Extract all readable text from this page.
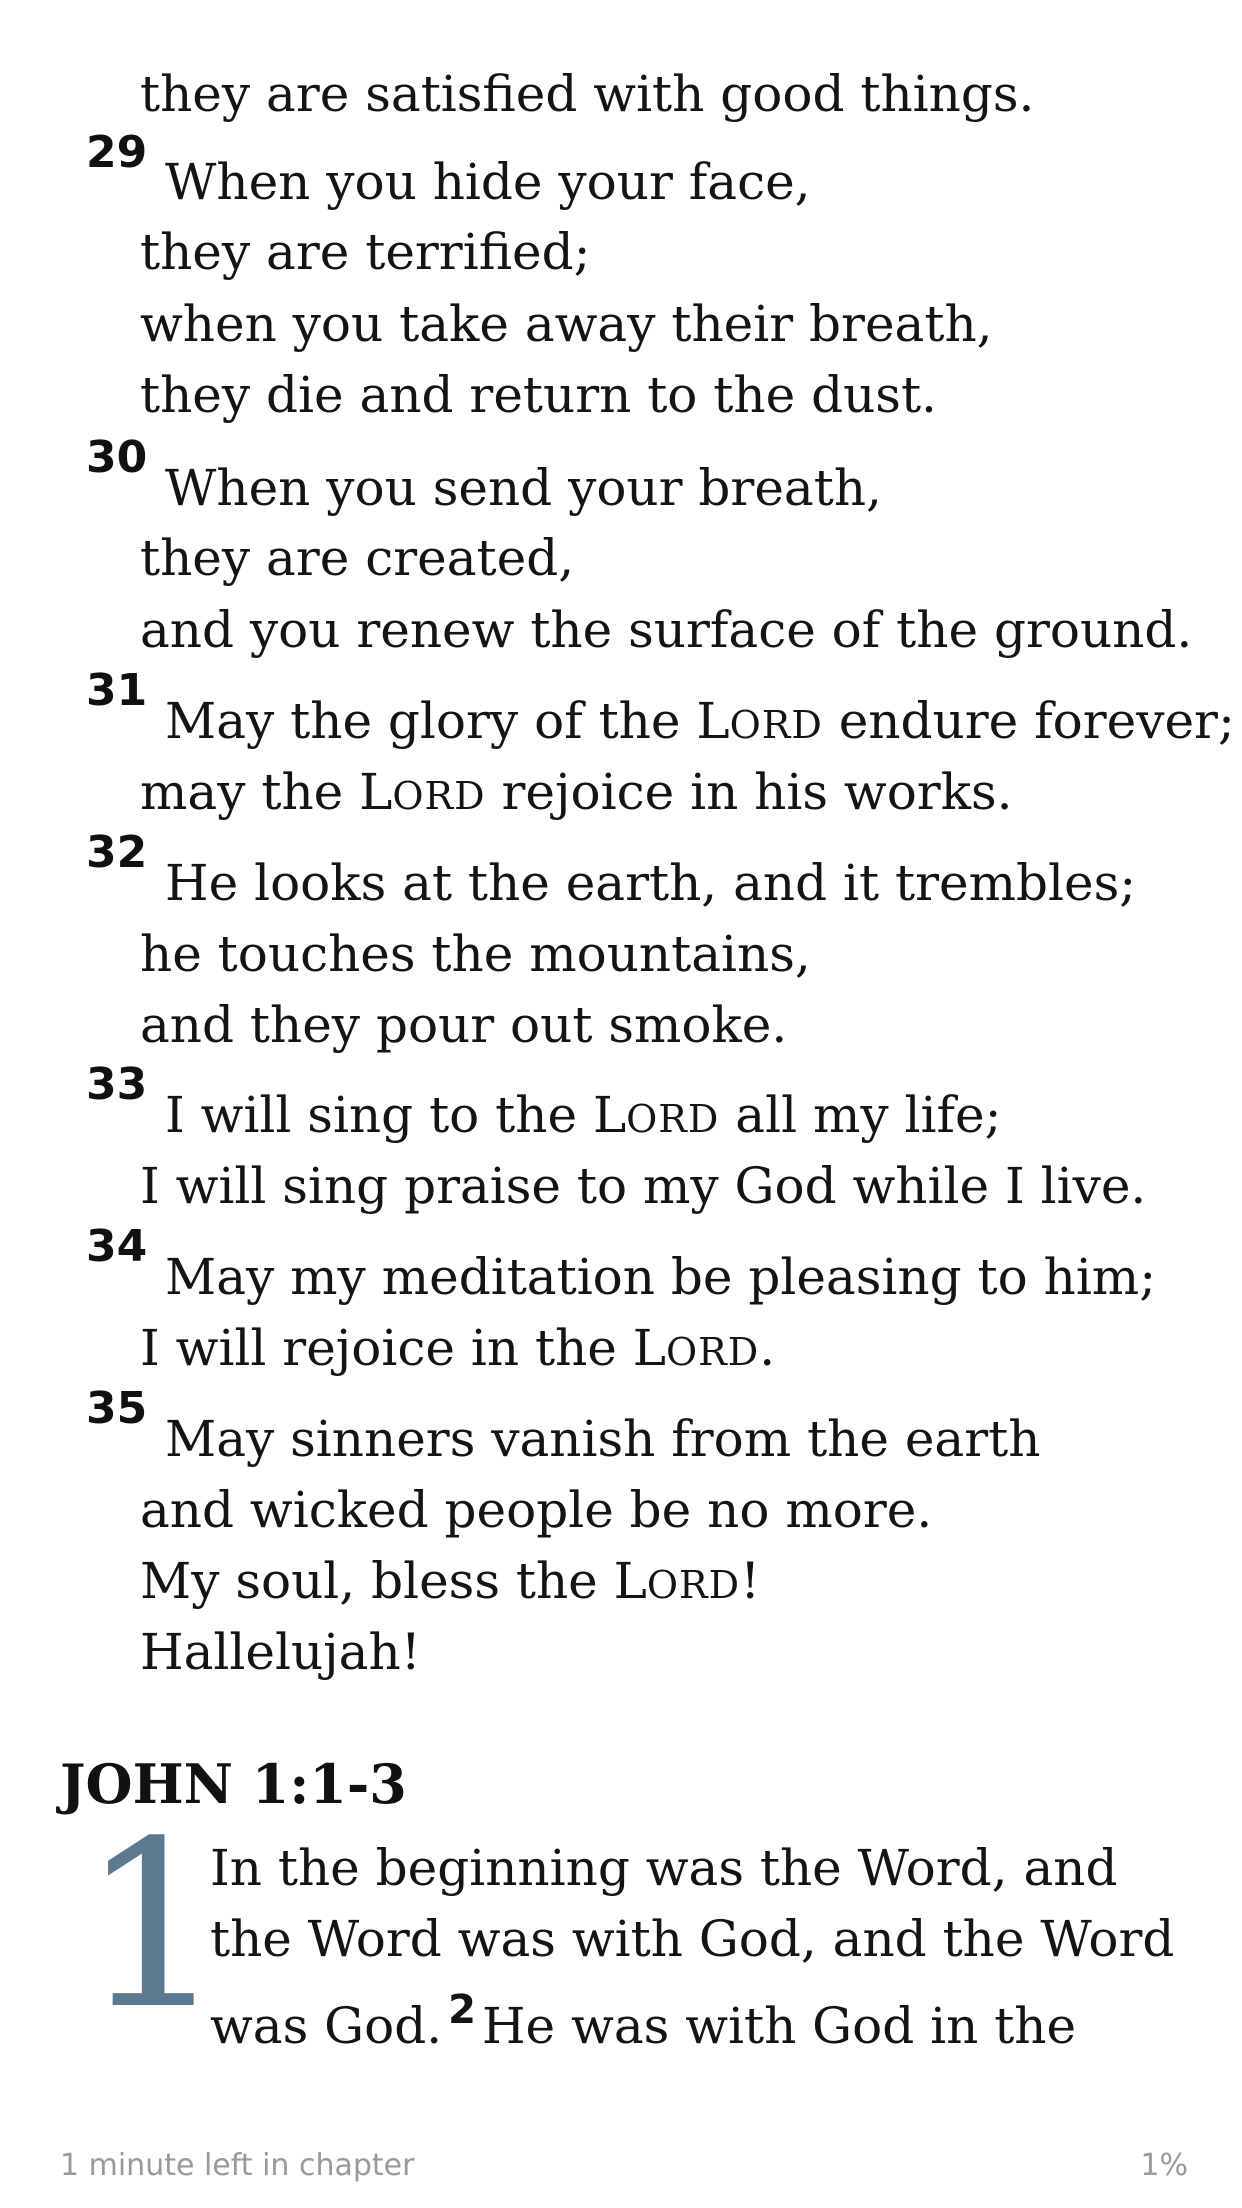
they are satisfied with good things.
29
When you hide your face,
they are terrified;
when you take away their breath,
they die and return to the dust.
30
When you send your breath,
they are created,
and you renew the surface of the ground.
31
May the glory of the LORD endure forever;
may the LORD rejoice in his works.
32
He looks at the earth, and it trembles;
he touches the mountains,
and they pour out smoke.
33
I will sing to the LORD all my life;
I will sing praise to my God while I live.
34
May my meditation be pleasing to him;
I will rejoice in the LORD.
35
May sinners vanish from the earth
and wicked people be no more.
My soul, bless the LORD!
Hallelujah!
JOHN 1:1-3
1
In the beginning was the Word, and
the Word was with God, and the Word
was God. $^2$ He was with God in the
1 minute left in chapter	1%
